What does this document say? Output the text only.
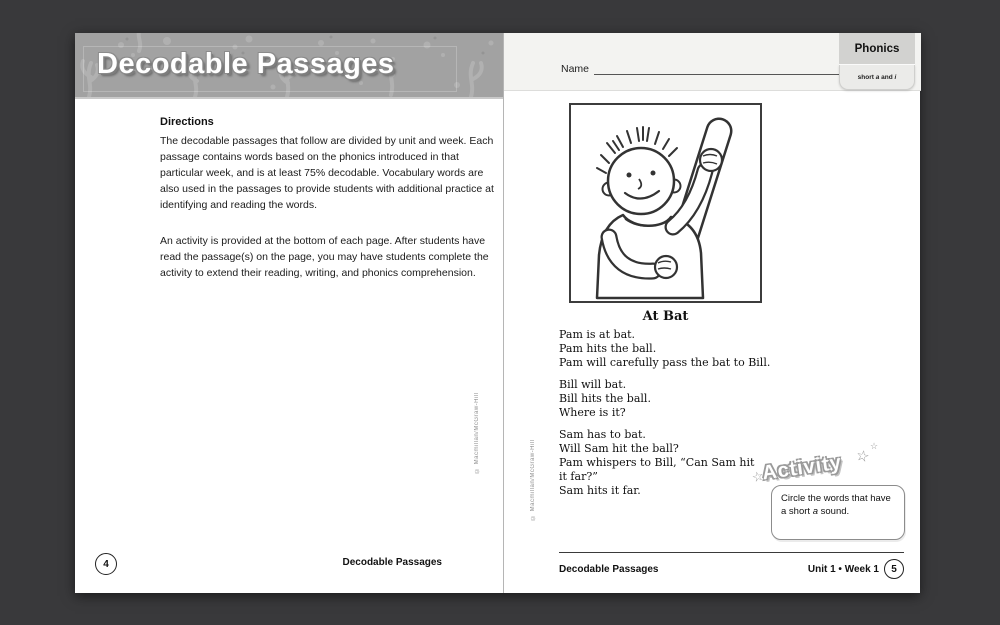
Decodable Passages
Directions
The decodable passages that follow are divided by unit and week. Each passage contains words based on the phonics introduced in that particular week, and is at least 75% decodable. Vocabulary words are also used in the passages to provide students with additional practice at identifying and reading the words.
An activity is provided at the bottom of each page. After students have read the passage(s) on the page, you may have students complete the activity to extend their reading, writing, and phonics comprehension.
© Macmillan/McGraw-Hill
4	Decodable Passages
Name
Phonics
short a and i
At Bat
Pam is at bat.
Pam hits the ball.
Pam will carefully pass the bat to Bill.
Bill will bat.
Bill hits the ball.
Where is it?
Sam has to bat.
Will Sam hit the ball?
Pam whispers to Bill, “Can Sam hit
it far?”
Sam hits it far.
☆
Activity ☆
☆
Circle the words that have a short a sound.
© Macmillan/McGraw-Hill
Decodable Passages	Unit 1 • Week 1	5
